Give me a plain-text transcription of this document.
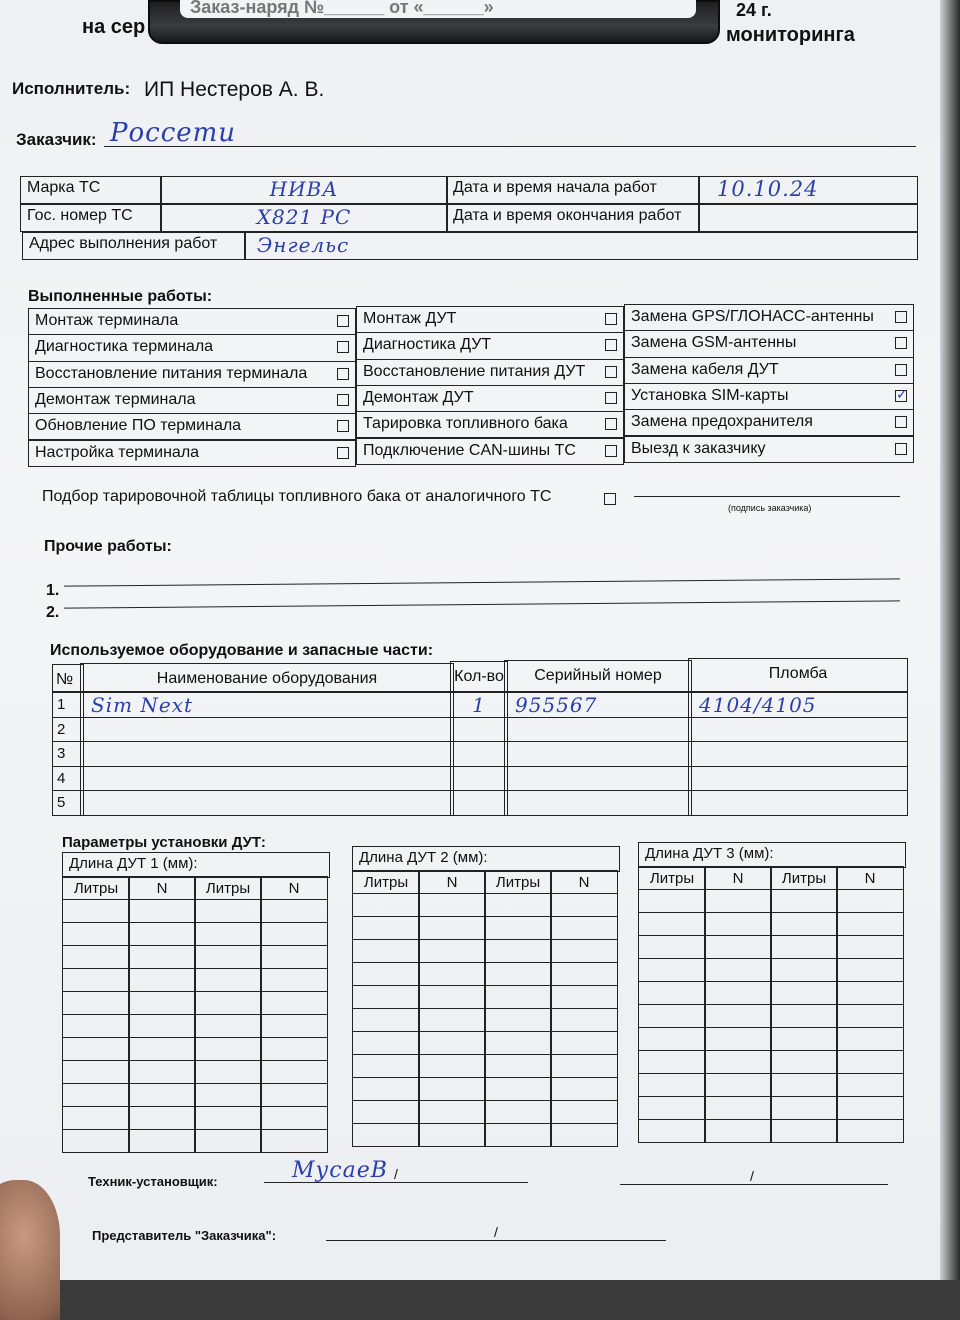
Заказ-наряд №______ от «______»	24 г.
на сер	мониторинга
Исполнитель: ИП Нестеров А. В.
Заказчик: Россети
Марка ТС	НИВА	Дата и время начала работ	10.10.24
Гос. номер ТС	Х821 РС	Дата и время окончания работ
Адрес выполнения работ	Энгельс
Выполненные работы:
Монтаж терминала
Диагностика терминала
Восстановление питания терминала
Демонтаж терминала
Обновление ПО терминала
Настройка терминала
Монтаж ДУТ
Диагностика ДУТ
Восстановление питания ДУТ
Демонтаж ДУТ
Тарировка топливного бака
Подключение CAN-шины ТС
Замена GPS/ГЛОНАСС-антенны
Замена GSM-антенны
Замена кабеля ДУТ
Установка SIM-карты
✓
Замена предохранителя
Выезд к заказчику
Подбор тарировочной таблицы топливного бака от аналогичного ТС
(подпись заказчика)
Прочие работы:
1.
2.
Используемое оборудование и запасные части:
№	Наименование оборудования	Кол-во	Серийный номер	Пломба
1	Sim Next	1	955567	4104/4105
2
3
4
5
Параметры установки ДУТ:
Длина ДУТ 1 (мм):
Литры	N	Литры	N
Длина ДУТ 2 (мм):
Литры	N	Литры	N
Длина ДУТ 3 (мм):
Литры	N	Литры	N
Техник-установщик:	/	/
МусаеВ
Представитель "Заказчика":	/
